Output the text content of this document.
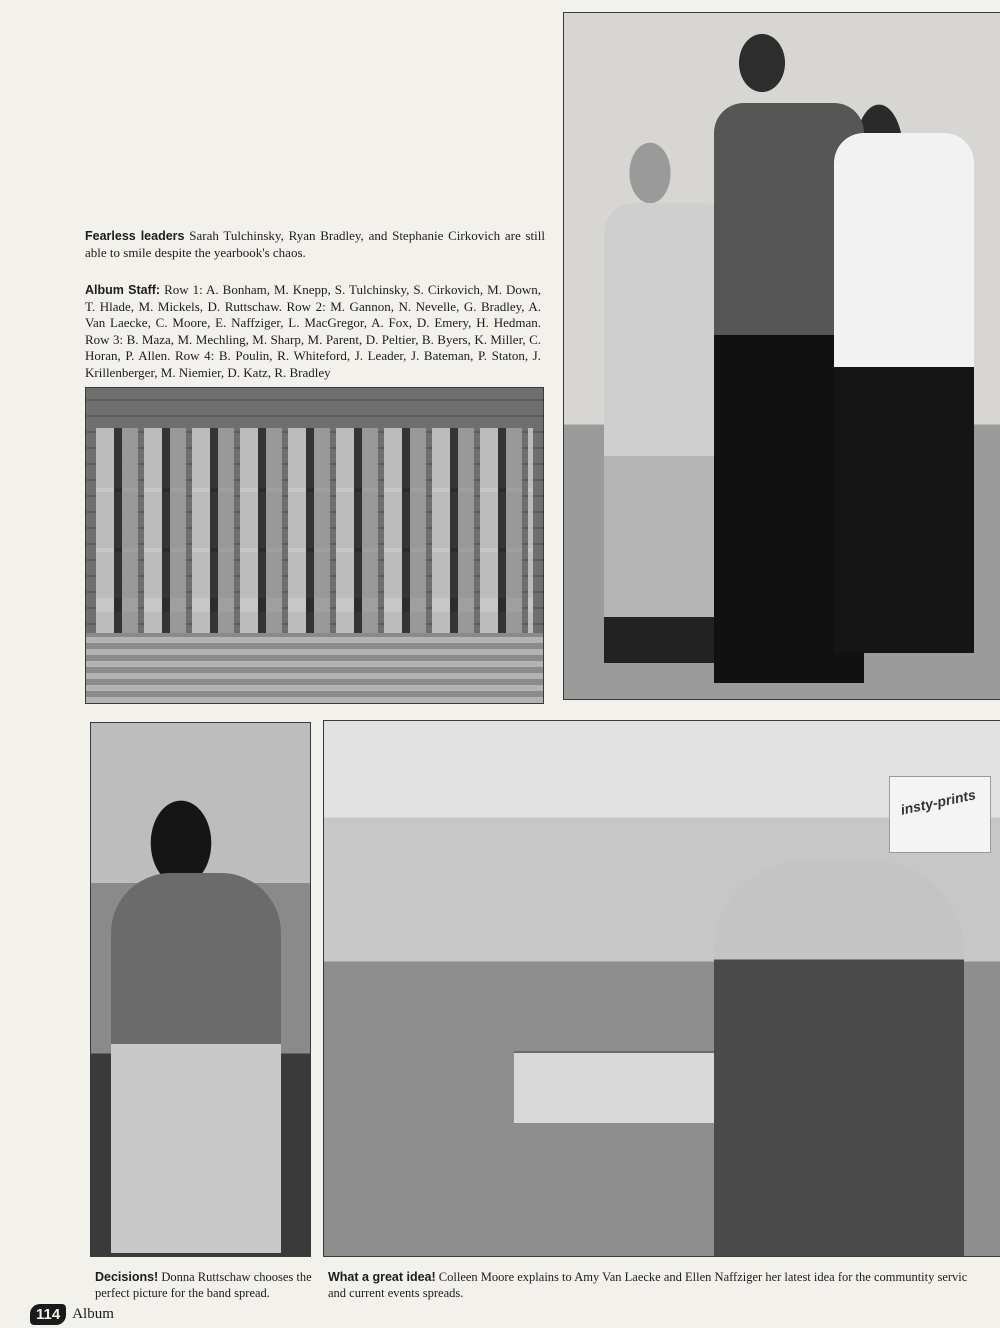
insty-prints
Fearless leaders Sarah Tulchinsky, Ryan Bradley, and Stephanie Cirkovich are still able to smile despite the yearbook's chaos.
Album Staff: Row 1: A. Bonham, M. Knepp, S. Tulchinsky, S. Cirkovich, M. Down, T. Hlade, M. Mickels, D. Ruttschaw. Row 2: M. Gannon, N. Nevelle, G. Bradley, A. Van Laecke, C. Moore, E. Naffziger, L. MacGregor, A. Fox, D. Emery, H. Hedman. Row 3: B. Maza, M. Mechling, M. Sharp, M. Parent, D. Peltier, B. Byers, K. Miller, C. Horan, P. Allen. Row 4: B. Poulin, R. Whiteford, J. Leader, J. Bateman, P. Staton, J. Krillenberger, M. Niemier, D. Katz, R. Bradley
Decisions! Donna Ruttschaw chooses the perfect picture for the band spread.
What a great idea! Colleen Moore explains to Amy Van Laecke and Ellen Naffziger her latest idea for the communtity servic
and current events spreads.
114 Album
